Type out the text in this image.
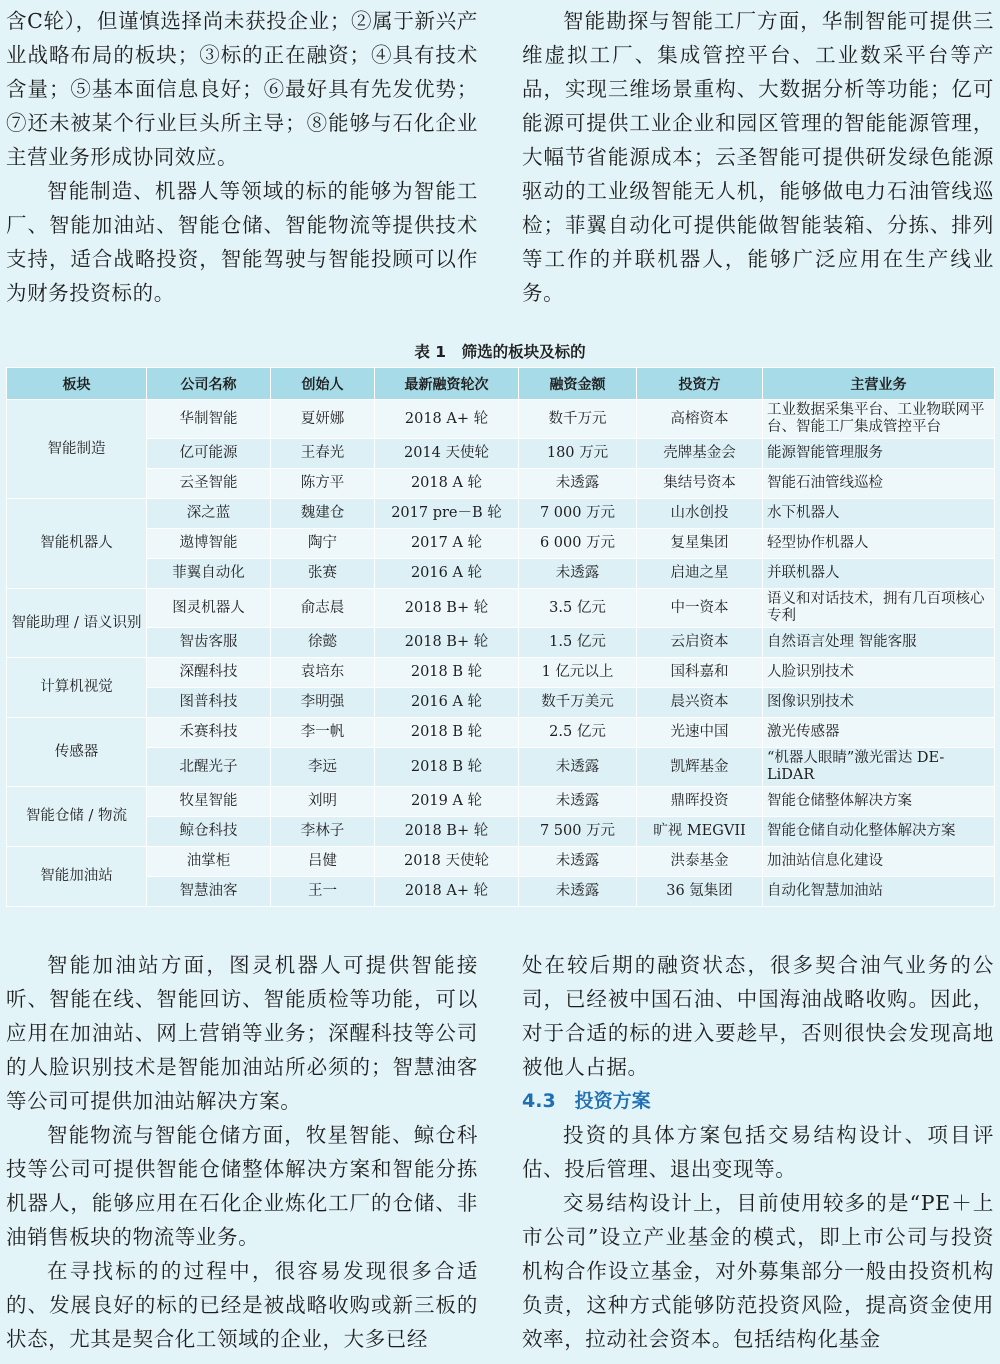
含C轮），但谨慎选择尚未获投企业；②属于新兴产业战略布局的板块；③标的正在融资；④具有技术含量；⑤基本面信息良好；⑥最好具有先发优势；⑦还未被某个行业巨头所主导；⑧能够与石化企业主营业务形成协同效应。

智能制造、机器人等领域的标的能够为智能工厂、智能加油站、智能仓储、智能物流等提供技术支持，适合战略投资，智能驾驶与智能投顾可以作为财务投资标的。

智能勘探与智能工厂方面，华制智能可提供三维虚拟工厂、集成管控平台、工业数采平台等产品，实现三维场景重构、大数据分析等功能；亿可能源可提供工业企业和园区管理的智能能源管理，大幅节省能源成本；云圣智能可提供研发绿色能源驱动的工业级智能无人机，能够做电力石油管线巡检；菲翼自动化可提供能做智能装箱、分拣、排列等工作的并联机器人，能够广泛应用在生产线业务。

表 1　筛选的板块及标的
板块	公司名称	创始人	最新融资轮次	融资金额	投资方	主营业务
智能制造	华制智能	夏妍娜	2018 A+ 轮	数千万元	高榕资本	工业数据采集平台、工业物联网平台、智能工厂集成管控平台
	亿可能源	王春光	2014 天使轮	180 万元	壳牌基金会	能源智能管理服务
	云圣智能	陈方平	2018 A 轮	未透露	集结号资本	智能石油管线巡检
智能机器人	深之蓝	魏建仓	2017 pre－B 轮	7 000 万元	山水创投	水下机器人
	遨博智能	陶宁	2017 A 轮	6 000 万元	复星集团	轻型协作机器人
	菲翼自动化	张赛	2016 A 轮	未透露	启迪之星	并联机器人
智能助理 / 语义识别	图灵机器人	俞志晨	2018 B+ 轮	3.5 亿元	中一资本	语义和对话技术，拥有几百项核心专利
	智齿客服	徐懿	2018 B+ 轮	1.5 亿元	云启资本	自然语言处理 智能客服
计算机视觉	深醒科技	袁培东	2018 B 轮	1 亿元以上	国科嘉和	人脸识别技术
	图普科技	李明强	2016 A 轮	数千万美元	晨兴资本	图像识别技术
传感器	禾赛科技	李一帆	2018 B 轮	2.5 亿元	光速中国	激光传感器
	北醒光子	李远	2018 B 轮	未透露	凯辉基金	“机器人眼睛”激光雷达 DE-LiDAR
智能仓储 / 物流	牧星智能	刘明	2019 A 轮	未透露	鼎晖投资	智能仓储整体解决方案
	鲸仓科技	李林子	2018 B+ 轮	7 500 万元	旷视 MEGVII	智能仓储自动化整体解决方案
智能加油站	油掌柜	吕健	2018 天使轮	未透露	洪泰基金	加油站信息化建设
	智慧油客	王一	2018 A+ 轮	未透露	36 氪集团	自动化智慧加油站

智能加油站方面，图灵机器人可提供智能接听、智能在线、智能回访、智能质检等功能，可以应用在加油站、网上营销等业务；深醒科技等公司的人脸识别技术是智能加油站所必须的；智慧油客等公司可提供加油站解决方案。

智能物流与智能仓储方面，牧星智能、鲸仓科技等公司可提供智能仓储整体解决方案和智能分拣机器人，能够应用在石化企业炼化工厂的仓储、非油销售板块的物流等业务。

在寻找标的的过程中，很容易发现很多合适的、发展良好的标的已经是被战略收购或新三板的状态，尤其是契合化工领域的企业，大多已经

处在较后期的融资状态，很多契合油气业务的公司，已经被中国石油、中国海油战略收购。因此，对于合适的标的进入要趁早，否则很快会发现高地被他人占据。

4.3　投资方案

投资的具体方案包括交易结构设计、项目评估、投后管理、退出变现等。

交易结构设计上，目前使用较多的是“PE＋上市公司”设立产业基金的模式，即上市公司与投资机构合作设立基金，对外募集部分一般由投资机构负责，这种方式能够防范投资风险，提高资金使用效率，拉动社会资本。包括结构化基金
